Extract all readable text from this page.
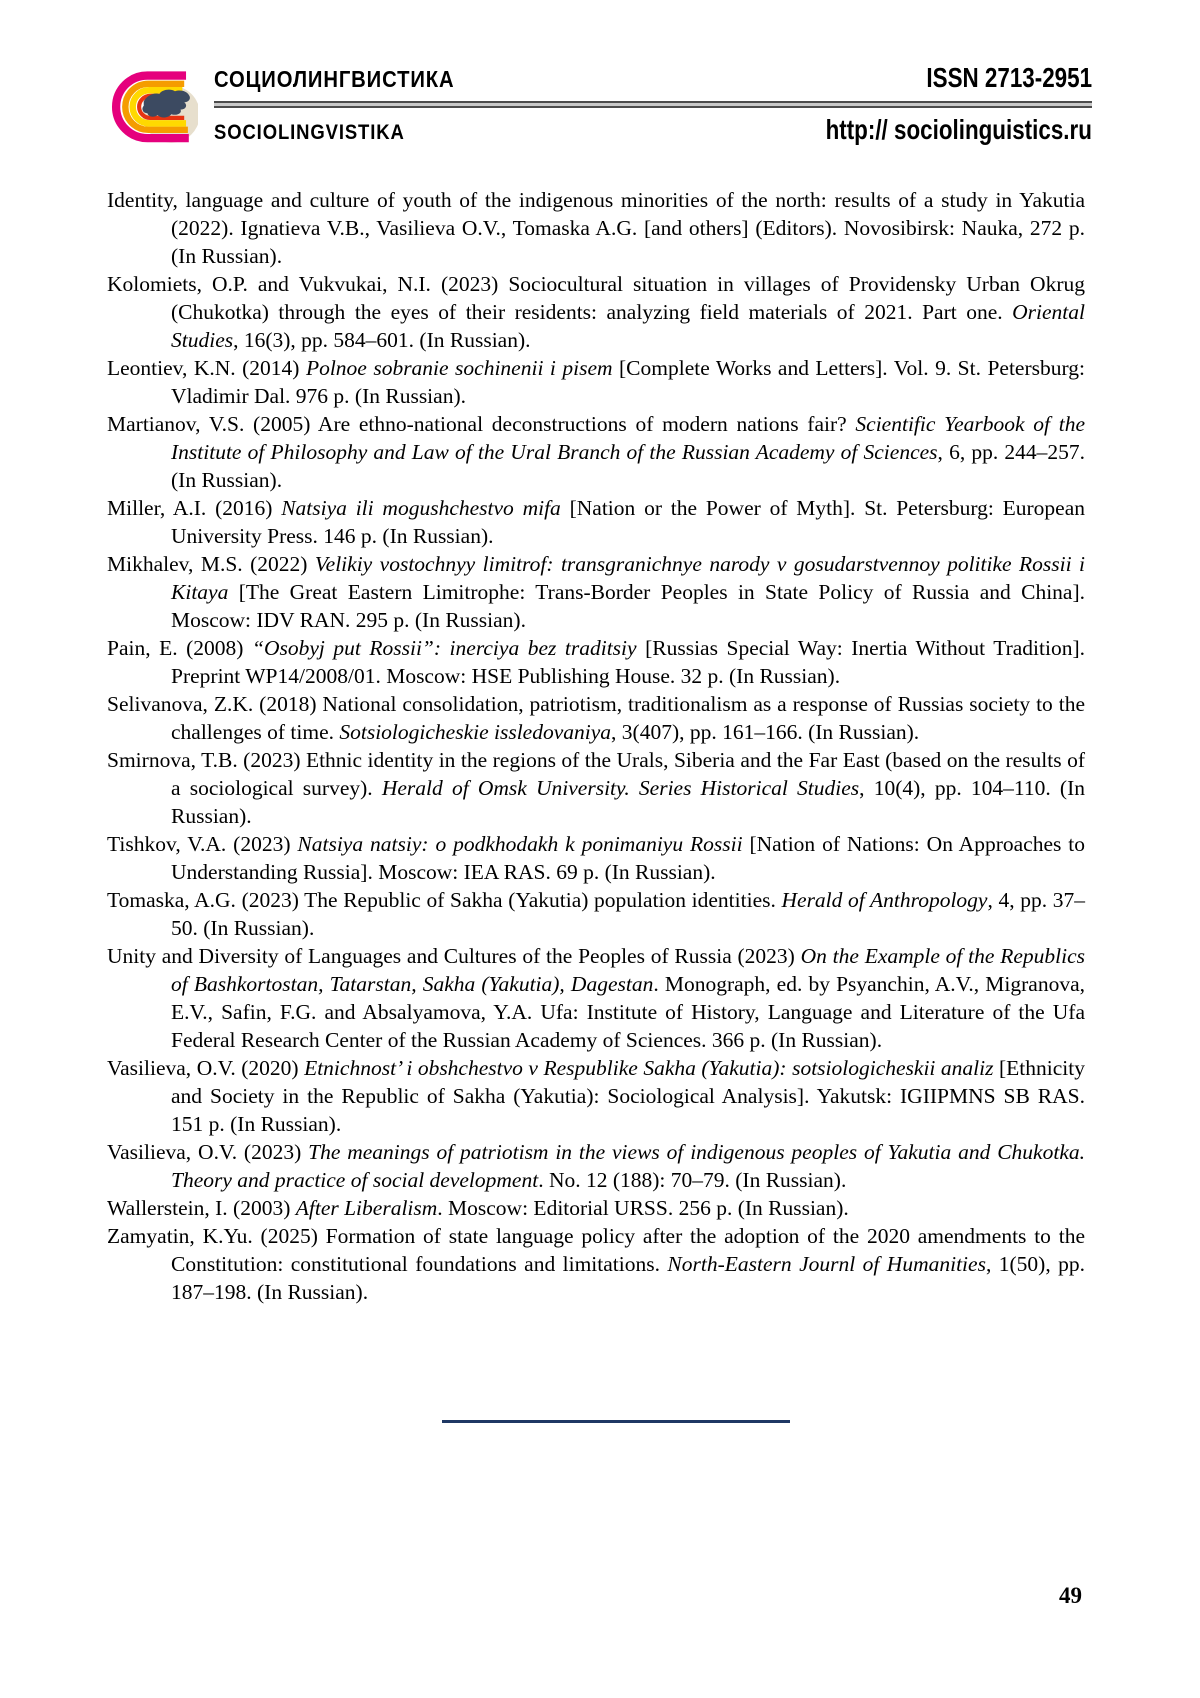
СОЦИОЛИНГВИСТИКА	ISSN 2713-2951
SOCIOLINGVISTIKA	http:// sociolinguistics.ru

Identity, language and culture of youth of the indigenous minorities of the north: results of a study in Yakutia (2022). Ignatieva V.B., Vasilieva O.V., Tomaska A.G. [and others] (Editors). Novosibirsk: Nauka, 272 p. (In Russian).

Kolomiets, O.P. and Vukvukai, N.I. (2023) Sociocultural situation in villages of Providensky Urban Okrug (Chukotka) through the eyes of their residents: analyzing field materials of 2021. Part one. Oriental Studies, 16(3), pp. 584–601. (In Russian).

Leontiev, K.N. (2014) Polnoe sobranie sochinenii i pisem [Complete Works and Letters]. Vol. 9. St. Petersburg: Vladimir Dal. 976 p. (In Russian).

Martianov, V.S. (2005) Are ethno-national deconstructions of modern nations fair? Scientific Yearbook of the Institute of Philosophy and Law of the Ural Branch of the Russian Academy of Sciences, 6, pp. 244–257. (In Russian).

Miller, A.I. (2016) Natsiya ili mogushchestvo mifa [Nation or the Power of Myth]. St. Petersburg: European University Press. 146 p. (In Russian).

Mikhalev, M.S. (2022) Velikiy vostochnyy limitrof: transgranichnye narody v gosudarstvennoy politike Rossii i Kitaya [The Great Eastern Limitrophe: Trans-Border Peoples in State Policy of Russia and China]. Moscow: IDV RAN. 295 p. (In Russian).

Pain, E. (2008) “Osobyj put Rossii”: inerciya bez traditsiy [Russias Special Way: Inertia Without Tradition]. Preprint WP14/2008/01. Moscow: HSE Publishing House. 32 p. (In Russian).

Selivanova, Z.K. (2018) National consolidation, patriotism, traditionalism as a response of Russias society to the challenges of time. Sotsiologicheskie issledovaniya, 3(407), pp. 161–166. (In Russian).

Smirnova, T.B. (2023) Ethnic identity in the regions of the Urals, Siberia and the Far East (based on the results of a sociological survey). Herald of Omsk University. Series Historical Studies, 10(4), pp. 104–110. (In Russian).

Tishkov, V.A. (2023) Natsiya natsiy: o podkhodakh k ponimaniyu Rossii [Nation of Nations: On Approaches to Understanding Russia]. Moscow: IEA RAS. 69 p. (In Russian).

Tomaska, A.G. (2023) The Republic of Sakha (Yakutia) population identities. Herald of Anthropology, 4, pp. 37–50. (In Russian).

Unity and Diversity of Languages and Cultures of the Peoples of Russia (2023) On the Example of the Republics of Bashkortostan, Tatarstan, Sakha (Yakutia), Dagestan. Monograph, ed. by Psyanchin, A.V., Migranova, E.V., Safin, F.G. and Absalyamova, Y.A. Ufa: Institute of History, Language and Literature of the Ufa Federal Research Center of the Russian Academy of Sciences. 366 p. (In Russian).

Vasilieva, O.V. (2020) Etnichnost’ i obshchestvo v Respublike Sakha (Yakutia): sotsiologicheskii analiz [Ethnicity and Society in the Republic of Sakha (Yakutia): Sociological Analysis]. Yakutsk: IGIIPMNS SB RAS. 151 p. (In Russian).

Vasilieva, O.V. (2023) The meanings of patriotism in the views of indigenous peoples of Yakutia and Chukotka. Theory and practice of social development. No. 12 (188): 70–79. (In Russian).

Wallerstein, I. (2003) After Liberalism. Moscow: Editorial URSS. 256 p. (In Russian).

Zamyatin, K.Yu. (2025) Formation of state language policy after the adoption of the 2020 amendments to the Constitution: constitutional foundations and limitations. North-Eastern Journl of Humanities, 1(50), pp. 187–198. (In Russian).

49
